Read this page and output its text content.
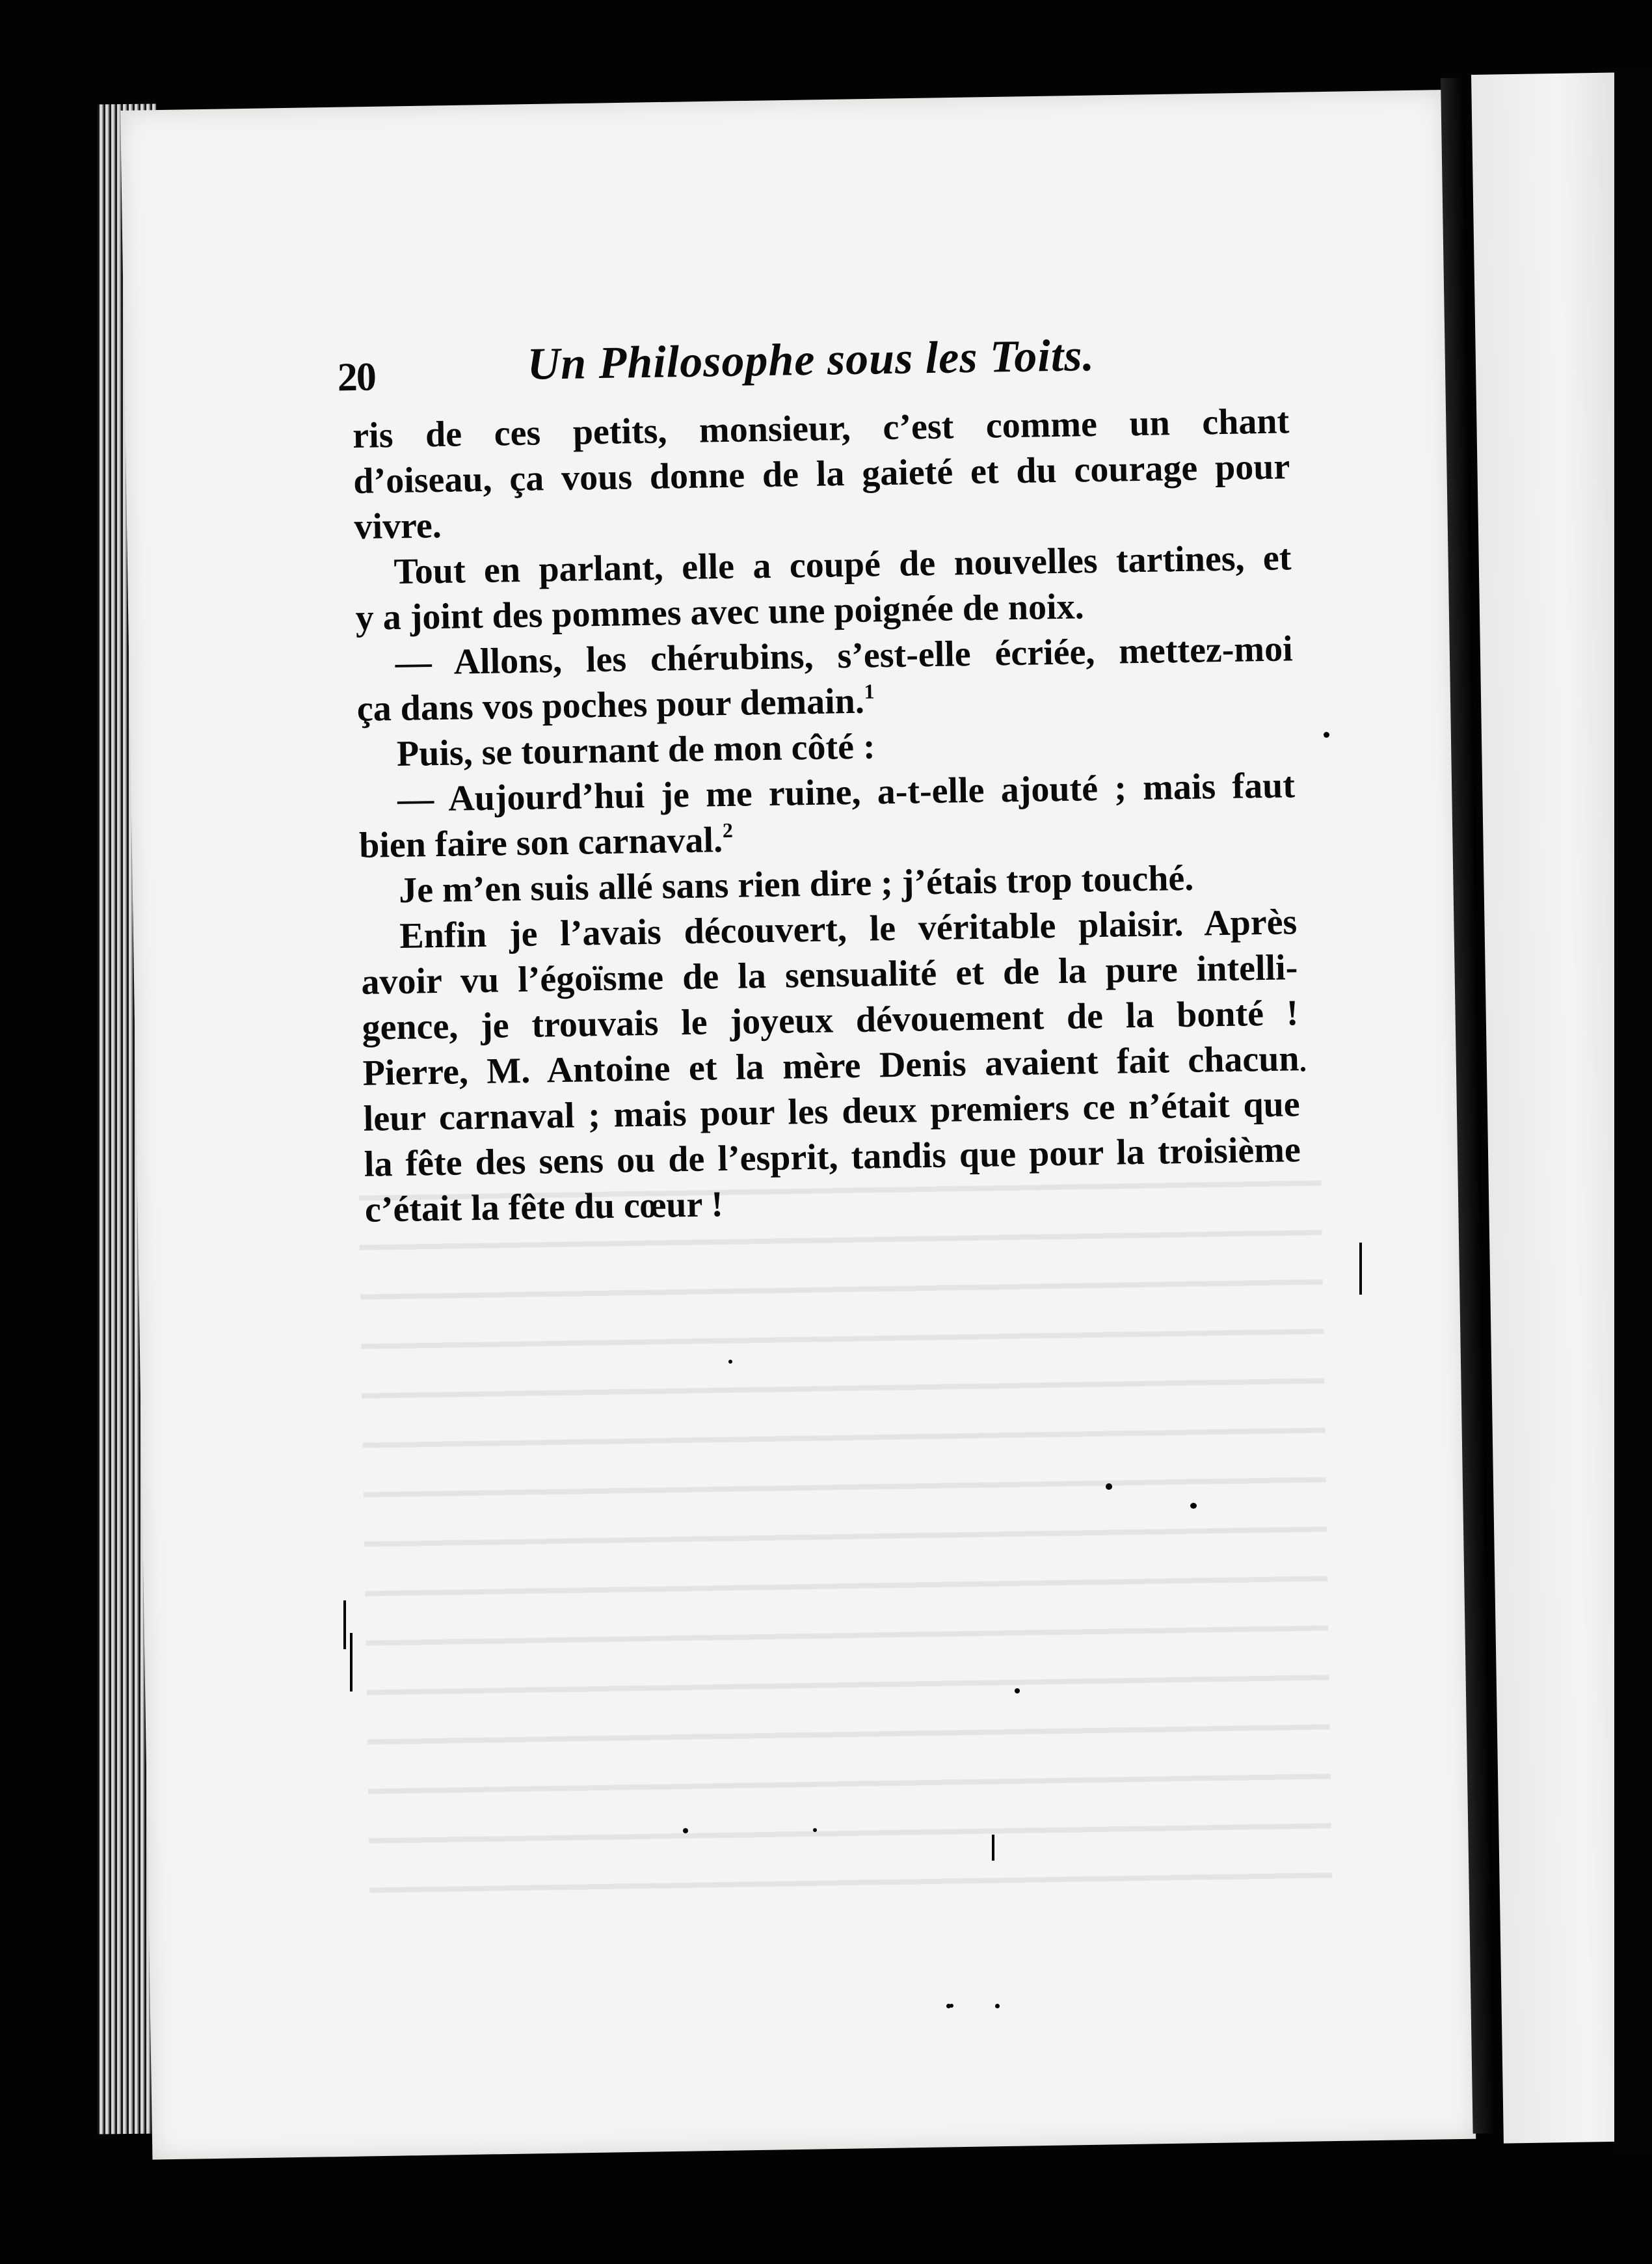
20	Un Philosophe sous les Toits.
ris de ces petits, monsieur, c’est comme un chant
d’oiseau, ça vous donne de la gaieté et du courage pour
vivre.
Tout en parlant, elle a coupé de nouvelles tartines, et
y a joint des pommes avec une poignée de noix.
— Allons, les chérubins, s’est-elle écriée, mettez-moi
ça dans vos poches pour demain.$^1$
Puis, se tournant de mon côté :
— Aujourd’hui je me ruine, a-t-elle ajouté ; mais faut
bien faire son carnaval.$^2$
Je m’en suis allé sans rien dire ; j’étais trop touché.
Enfin je l’avais découvert, le véritable plaisir. Après
avoir vu l’égoïsme de la sensualité et de la pure intelli-
gence, je trouvais le joyeux dévouement de la bonté !
Pierre, M. Antoine et la mère Denis avaient fait chacun
leur carnaval ; mais pour les deux premiers ce n’était que
la fête des sens ou de l’esprit, tandis que pour la troisième
c’était la fête du cœur !
